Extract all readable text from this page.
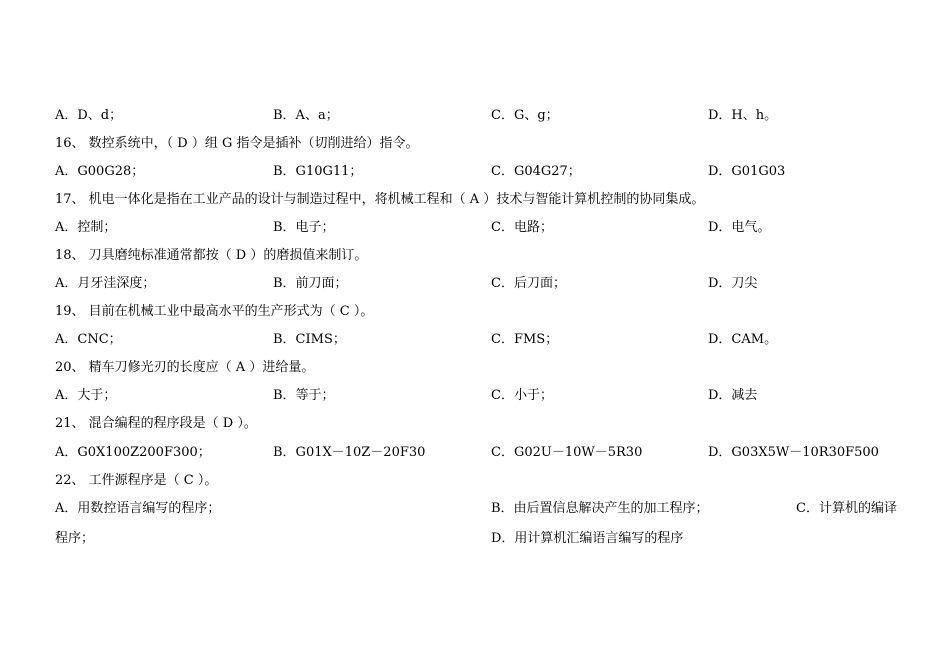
A．D、d；	B．A、a；	C．G、g；	D．H、h。
16、 数控系统中，（ D ）组 G 指令是插补（切削进给）指令。
A．G00G28；	B．G10G11；	C．G04G27；	D．G01G03
17、 机电一体化是指在工业产品的设计与制造过程中，将机械工程和（ A ）技术与智能计算机控制的协同集成。
A．控制；	B．电子；	C．电路；	D．电气。
18、 刀具磨纯标准通常都按（ D ）的磨损值来制订。
A．月牙洼深度；	B．前刀面；	C．后刀面；	D．刀尖
19、 目前在机械工业中最高水平的生产形式为（ C ）。
A．CNC；	B．CIMS；	C．FMS；	D．CAM。
20、 精车刀修光刃的长度应（ A ）进给量。
A．大于；	B．等于；	C．小于；	D．减去
21、 混合编程的程序段是（ D ）。
A．G0X100Z200F300；	B．G01X－10Z－20F30	C．G02U－10W－5R30	D．G03X5W－10R30F500
22、 工件源程序是（ C ）。
A．用数控语言编写的程序；	B．由后置信息解决产生的加工程序；	C．计算机的编译
程序；	D．用计算机汇编语言编写的程序
